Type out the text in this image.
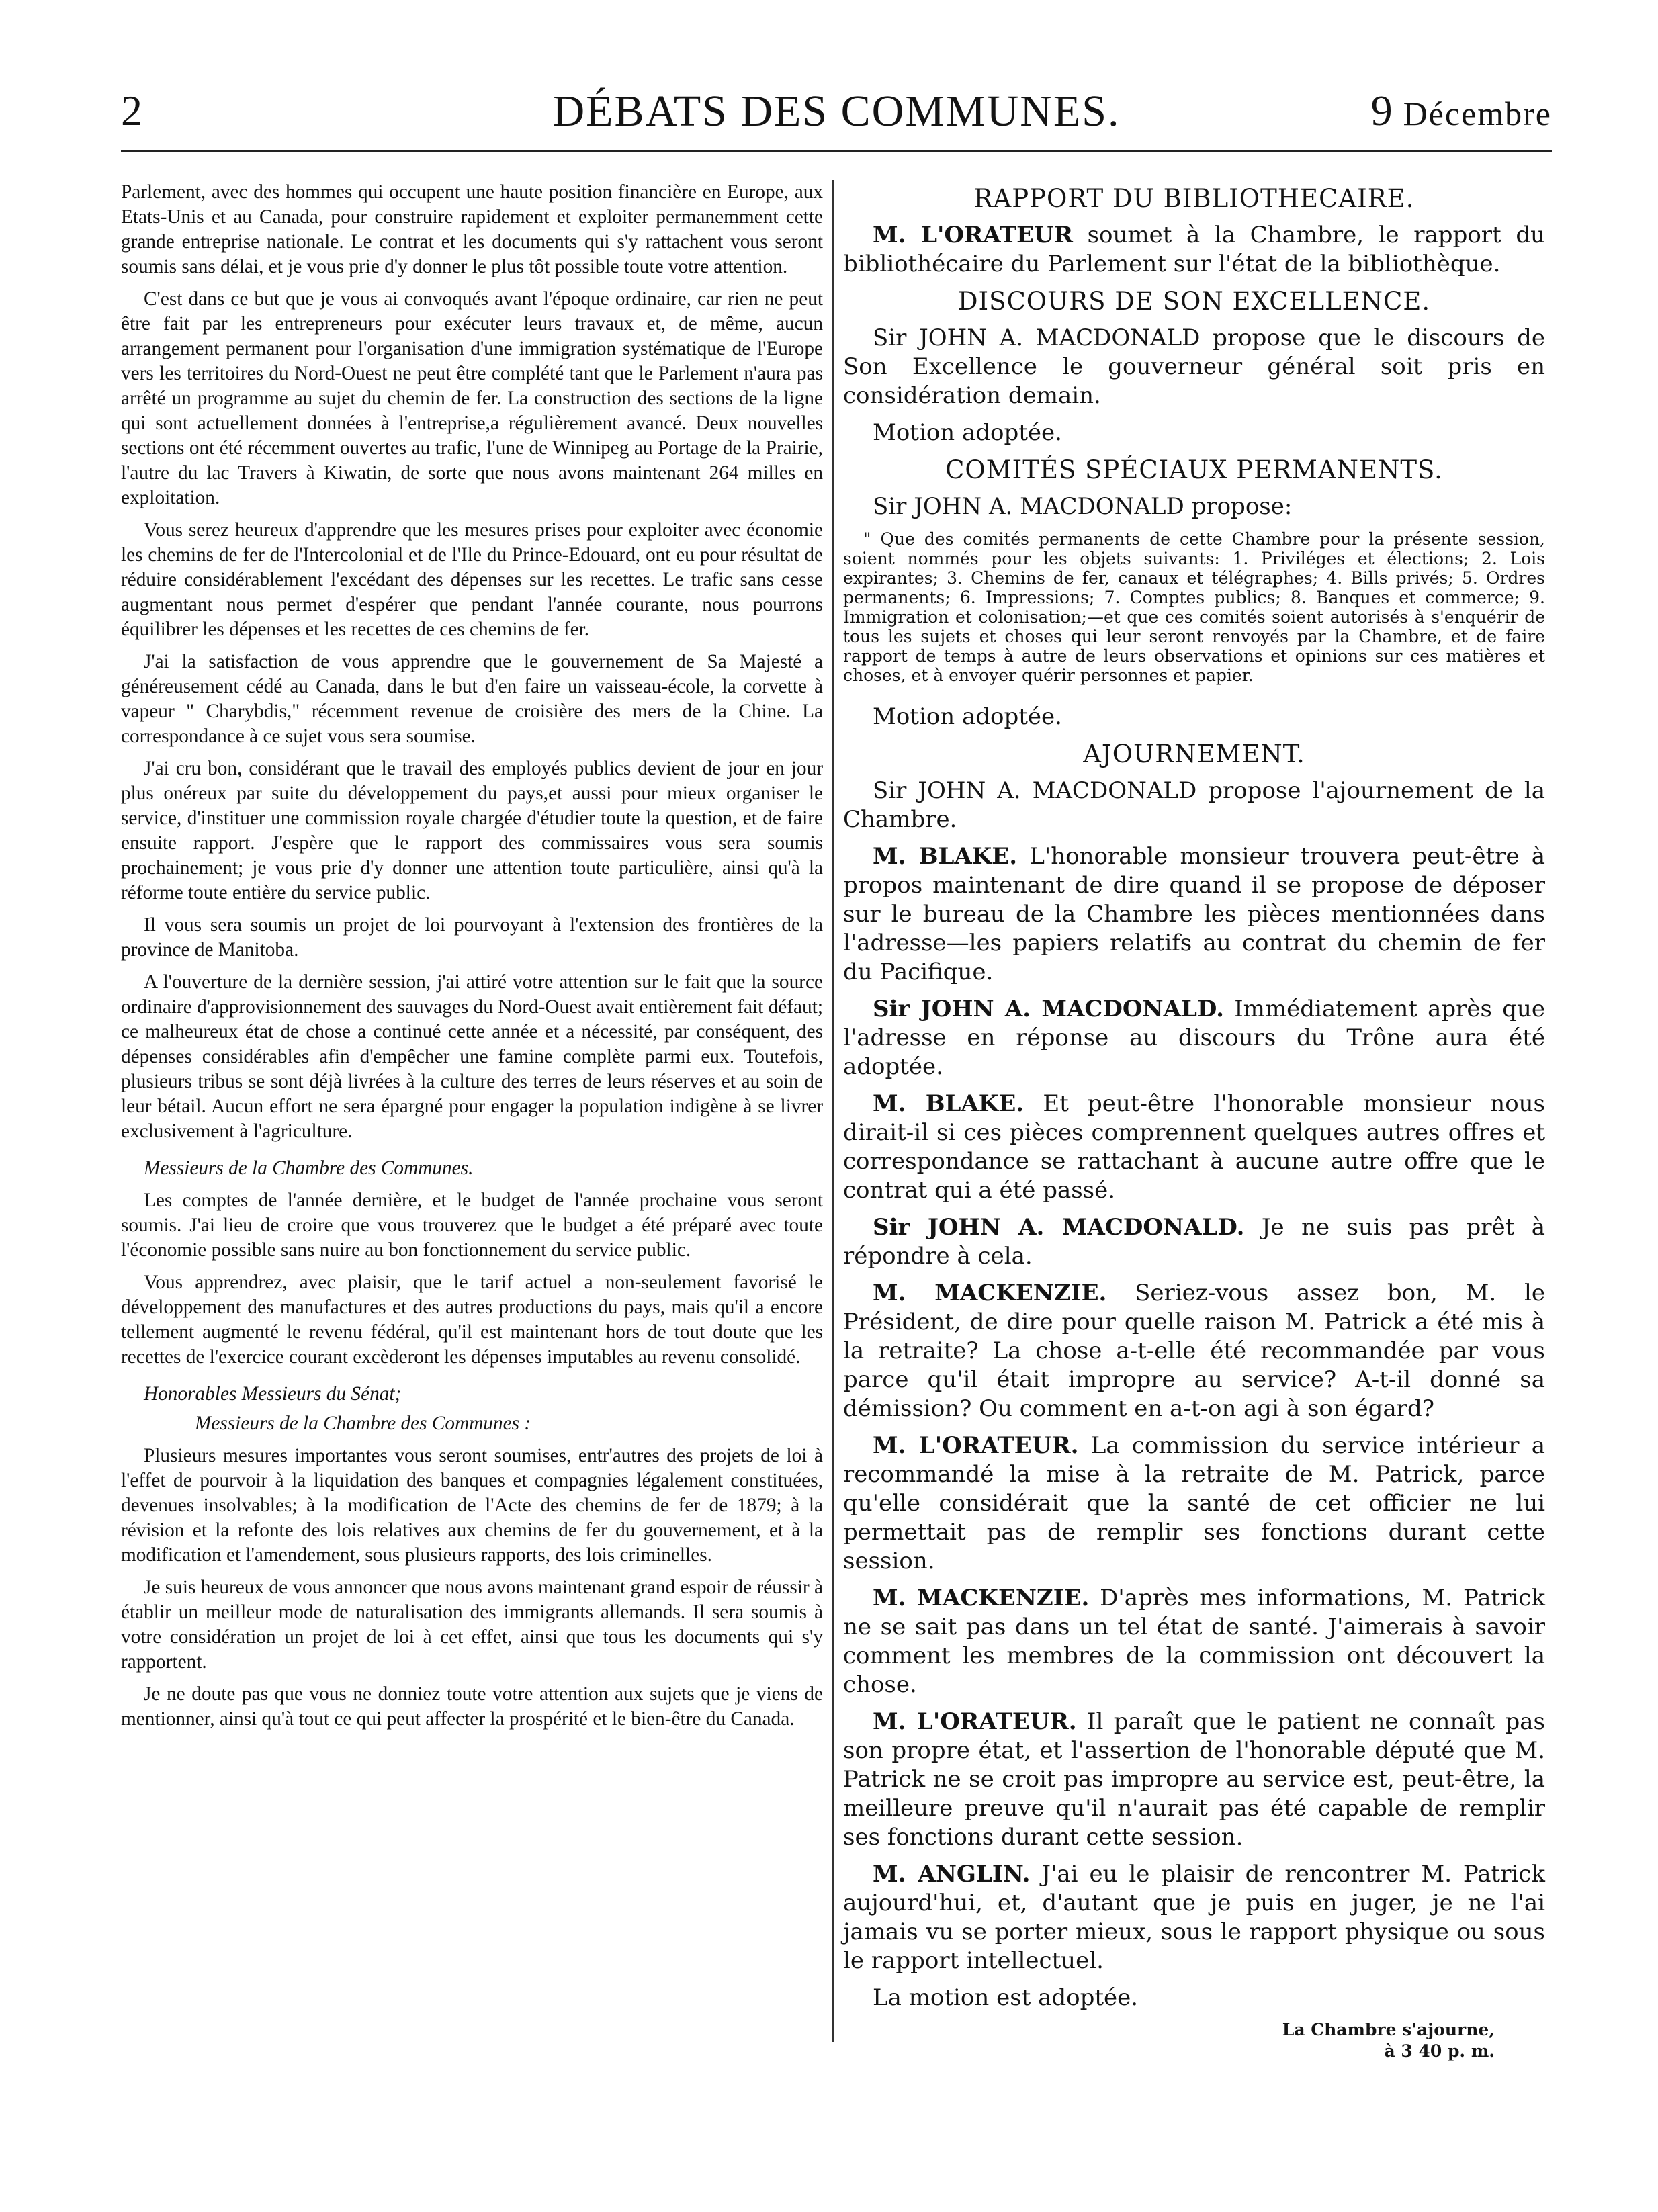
2	DÉBATS DES COMMUNES.	9 Décembre

Parlement, avec des hommes qui occupent une haute position financière en Europe, aux Etats-Unis et au Canada, pour construire rapidement et exploiter permanemment cette grande entreprise nationale. Le contrat et les documents qui s'y rattachent vous seront soumis sans délai, et je vous prie d'y donner le plus tôt possible toute votre attention.

C'est dans ce but que je vous ai convoqués avant l'époque ordinaire, car rien ne peut être fait par les entrepreneurs pour exécuter leurs travaux et, de même, aucun arrangement permanent pour l'organisation d'une immigration systématique de l'Europe vers les territoires du Nord-Ouest ne peut être complété tant que le Parlement n'aura pas arrêté un programme au sujet du chemin de fer. La construction des sections de la ligne qui sont actuellement données à l'entreprise,a régulièrement avancé. Deux nouvelles sections ont été récemment ouvertes au trafic, l'une de Winnipeg au Portage de la Prairie, l'autre du lac Travers à Kiwatin, de sorte que nous avons maintenant 264 milles en exploitation.

Vous serez heureux d'apprendre que les mesures prises pour exploiter avec économie les chemins de fer de l'Intercolonial et de l'Ile du Prince-Edouard, ont eu pour résultat de réduire considérablement l'excédant des dépenses sur les recettes. Le trafic sans cesse augmentant nous permet d'espérer que pendant l'année courante, nous pourrons équilibrer les dépenses et les recettes de ces chemins de fer.

J'ai la satisfaction de vous apprendre que le gouvernement de Sa Majesté a généreusement cédé au Canada, dans le but d'en faire un vaisseau-école, la corvette à vapeur " Charybdis," récemment revenue de croisière des mers de la Chine. La correspondance à ce sujet vous sera soumise.

J'ai cru bon, considérant que le travail des employés publics devient de jour en jour plus onéreux par suite du développement du pays,et aussi pour mieux organiser le service, d'instituer une commission royale chargée d'étudier toute la question, et de faire ensuite rapport. J'espère que le rapport des commissaires vous sera soumis prochainement; je vous prie d'y donner une attention toute particulière, ainsi qu'à la réforme toute entière du service public.

Il vous sera soumis un projet de loi pourvoyant à l'extension des frontières de la province de Manitoba.

A l'ouverture de la dernière session, j'ai attiré votre attention sur le fait que la source ordinaire d'approvisionnement des sauvages du Nord-Ouest avait entièrement fait défaut; ce malheureux état de chose a continué cette année et a nécessité, par conséquent, des dépenses considérables afin d'empêcher une famine complète parmi eux. Toutefois, plusieurs tribus se sont déjà livrées à la culture des terres de leurs réserves et au soin de leur bétail. Aucun effort ne sera épargné pour engager la population indigène à se livrer exclusivement à l'agriculture.

Messieurs de la Chambre des Communes.

Les comptes de l'année dernière, et le budget de l'année prochaine vous seront soumis. J'ai lieu de croire que vous trouverez que le budget a été préparé avec toute l'économie possible sans nuire au bon fonctionnement du service public.

Vous apprendrez, avec plaisir, que le tarif actuel a non-seulement favorisé le développement des manufactures et des autres productions du pays, mais qu'il a encore tellement augmenté le revenu fédéral, qu'il est maintenant hors de tout doute que les recettes de l'exercice courant excèderont les dépenses imputables au revenu consolidé.

Honorables Messieurs du Sénat;

Messieurs de la Chambre des Communes :

Plusieurs mesures importantes vous seront soumises, entr'autres des projets de loi à l'effet de pourvoir à la liquidation des banques et compagnies légalement constituées, devenues insolvables; à la modification de l'Acte des chemins de fer de 1879; à la révision et la refonte des lois relatives aux chemins de fer du gouvernement, et à la modification et l'amendement, sous plusieurs rapports, des lois criminelles.

Je suis heureux de vous annoncer que nous avons maintenant grand espoir de réussir à établir un meilleur mode de naturalisation des immigrants allemands. Il sera soumis à votre considération un projet de loi à cet effet, ainsi que tous les documents qui s'y rapportent.

Je ne doute pas que vous ne donniez toute votre attention aux sujets que je viens de mentionner, ainsi qu'à tout ce qui peut affecter la prospérité et le bien-être du Canada.

RAPPORT DU BIBLIOTHECAIRE.

M. L'ORATEUR soumet à la Chambre, le rapport du bibliothécaire du Parlement sur l'état de la bibliothèque.

DISCOURS DE SON EXCELLENCE.

Sir JOHN A. MACDONALD propose que le discours de Son Excellence le gouverneur général soit pris en considération demain.

Motion adoptée.

COMITÉS SPÉCIAUX PERMANENTS.

Sir JOHN A. MACDONALD propose:

" Que des comités permanents de cette Chambre pour la présente session, soient nommés pour les objets suivants: 1. Priviléges et élections; 2. Lois expirantes; 3. Chemins de fer, canaux et télégraphes; 4. Bills privés; 5. Ordres permanents; 6. Impressions; 7. Comptes publics; 8. Banques et commerce; 9. Immigration et colonisation;—et que ces comités soient autorisés à s'enquérir de tous les sujets et choses qui leur seront renvoyés par la Chambre, et de faire rapport de temps à autre de leurs observations et opinions sur ces matières et choses, et à envoyer quérir personnes et papier.

Motion adoptée.

AJOURNEMENT.

Sir JOHN A. MACDONALD propose l'ajournement de la Chambre.

M. BLAKE. L'honorable monsieur trouvera peut-être à propos maintenant de dire quand il se propose de déposer sur le bureau de la Chambre les pièces mentionnées dans l'adresse—les papiers relatifs au contrat du chemin de fer du Pacifique.

Sir JOHN A. MACDONALD. Immédiatement après que l'adresse en réponse au discours du Trône aura été adoptée.

M. BLAKE. Et peut-être l'honorable monsieur nous dirait-il si ces pièces comprennent quelques autres offres et correspondance se rattachant à aucune autre offre que le contrat qui a été passé.

Sir JOHN A. MACDONALD. Je ne suis pas prêt à répondre à cela.

M. MACKENZIE. Seriez-vous assez bon, M. le Président, de dire pour quelle raison M. Patrick a été mis à la retraite? La chose a-t-elle été recommandée par vous parce qu'il était impropre au service? A-t-il donné sa démission? Ou comment en a-t-on agi à son égard?

M. L'ORATEUR. La commission du service intérieur a recommandé la mise à la retraite de M. Patrick, parce qu'elle considérait que la santé de cet officier ne lui permettait pas de remplir ses fonctions durant cette session.

M. MACKENZIE. D'après mes informations, M. Patrick ne se sait pas dans un tel état de santé. J'aimerais à savoir comment les membres de la commission ont découvert la chose.

M. L'ORATEUR. Il paraît que le patient ne connaît pas son propre état, et l'assertion de l'honorable député que M. Patrick ne se croit pas impropre au service est, peut-être, la meilleure preuve qu'il n'aurait pas été capable de remplir ses fonctions durant cette session.

M. ANGLIN. J'ai eu le plaisir de rencontrer M. Patrick aujourd'hui, et, d'autant que je puis en juger, je ne l'ai jamais vu se porter mieux, sous le rapport physique ou sous le rapport intellectuel.

La motion est adoptée.

La Chambre s'ajourne,
à 3 40 p. m.
